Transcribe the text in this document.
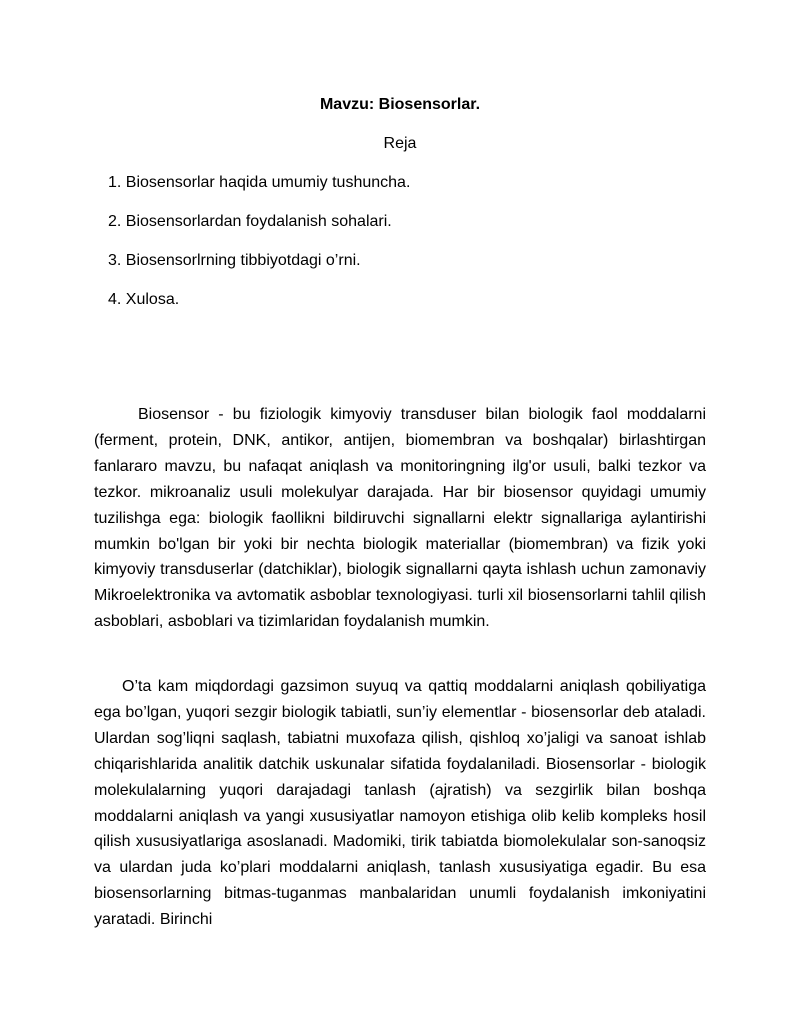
Mavzu: Biosensorlar.
Reja
1. Biosensorlar haqida umumiy tushuncha.
2. Biosensorlardan foydalanish sohalari.
3. Biosensorlrning tibbiyotdagi o’rni.
4. Xulosa.

Biosensor - bu fiziologik kimyoviy transduser bilan biologik faol moddalarni (ferment, protein, DNK, antikor, antijen, biomembran va boshqalar) birlashtirgan fanlararo mavzu, bu nafaqat aniqlash va monitoringning ilg'or usuli, balki tezkor va tezkor. mikroanaliz usuli molekulyar darajada. Har bir biosensor quyidagi umumiy tuzilishga ega: biologik faollikni bildiruvchi signallarni elektr signallariga aylantirishi mumkin bo'lgan bir yoki bir nechta biologik materiallar (biomembran) va fizik yoki kimyoviy transduserlar (datchiklar), biologik signallarni qayta ishlash uchun zamonaviy Mikroelektronika va avtomatik asboblar texnologiyasi. turli xil biosensorlarni tahlil qilish asboblari, asboblari va tizimlaridan foydalanish mumkin.

O’ta kam miqdordagi gazsimon suyuq va qattiq moddalarni aniqlash qobiliyatiga ega bo’lgan, yuqori sezgir biologik tabiatli, sun’iy elementlar - biosensorlar deb ataladi. Ulardan sog’liqni saqlash, tabiatni muxofaza qilish, qishloq xo’jaligi va sanoat ishlab chiqarishlarida analitik datchik uskunalar sifatida foydalaniladi. Biosensorlar - biologik molekulalarning yuqori darajadagi tanlash (ajratish) va sezgirlik bilan boshqa moddalarni aniqlash va yangi xususiyatlar namoyon etishiga olib kelib kompleks hosil qilish xususiyatlariga asoslanadi. Madomiki, tirik tabiatda biomolekulalar son-sanoqsiz va ulardan juda ko’plari moddalarni aniqlash, tanlash xususiyatiga egadir. Bu esa biosensorlarning bitmas-tuganmas manbalaridan unumli foydalanish imkoniyatini yaratadi. Birinchi
